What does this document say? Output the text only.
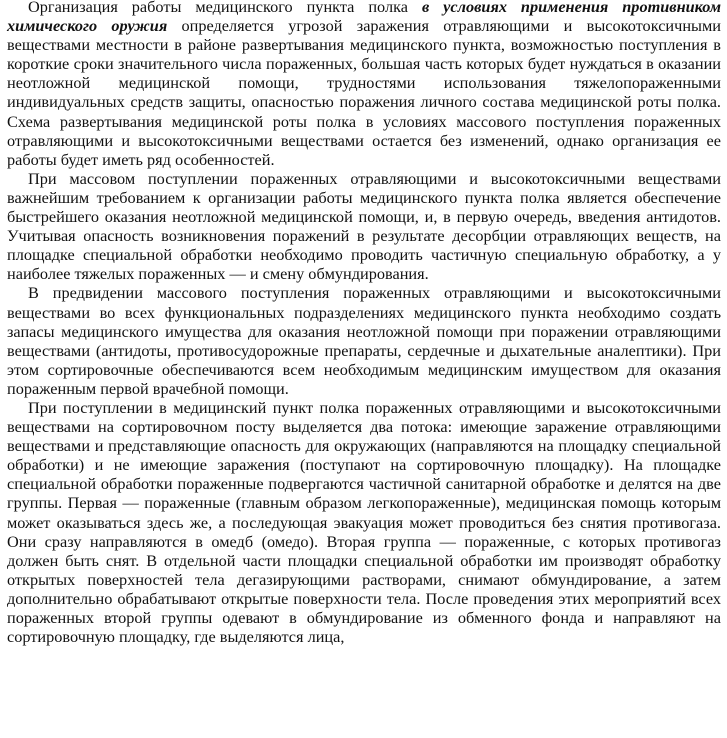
Организация работы медицинского пункта полка в условиях применения противником химического оружия определяется угрозой заражения отравляющими и высокотоксичными веществами местности в районе развертывания медицинского пункта, возможностью поступления в короткие сроки значительного числа пораженных, большая часть которых будет нуждаться в оказании неотложной медицинской помощи, трудностями использования тяжелопораженными индивидуальных средств защиты, опасностью поражения личного состава медицинской роты полка. Схема развертывания медицинской роты полка в условиях массового поступления пораженных отравляющими и высокотоксичными веществами остается без изменений, однако организация ее работы будет иметь ряд особенностей.

При массовом поступлении пораженных отравляющими и высокотоксичными веществами важнейшим требованием к организации работы медицинского пункта полка является обеспечение быстрейшего оказания неотложной медицинской помощи, и, в первую очередь, введения антидотов. Учитывая опасность возникновения поражений в результате десорбции отравляющих веществ, на площадке специальной обработки необходимо проводить частичную специальную обработку, а у наиболее тяжелых пораженных — и смену обмундирования.

В предвидении массового поступления пораженных отравляющими и высокотоксичными веществами во всех функциональных подразделениях медицинского пункта необходимо создать запасы медицинского имущества для оказания неотложной помощи при поражении отравляющими веществами (антидоты, противосудорожные препараты, сердечные и дыхательные аналептики). При этом сортировочные обеспечиваются всем необходимым медицинским имуществом для оказания пораженным первой врачебной помощи.

При поступлении в медицинский пункт полка пораженных отравляющими и высокотоксичными веществами на сортировочном посту выделяется два потока: имеющие заражение отравляющими веществами и представляющие опасность для окружающих (направляются на площадку специальной обработки) и не имеющие заражения (поступают на сортировочную площадку). На площадке специальной обработки пораженные подвергаются частичной санитарной обработке и делятся на две группы. Первая — пораженные (главным образом легкопораженные), медицинская помощь которым может оказываться здесь же, а последующая эвакуация может проводиться без снятия противогаза. Они сразу направляются в омедб (омедо). Вторая группа — пораженные, с которых противогаз должен быть снят. В отдельной части площадки специальной обработки им производят обработку открытых поверхностей тела дегазирующими растворами, снимают обмундирование, а затем дополнительно обрабатывают открытые поверхности тела. После проведения этих мероприятий всех пораженных второй группы одевают в обмундирование из обменного фонда и направляют на сортировочную площадку, где выделяются лица,
